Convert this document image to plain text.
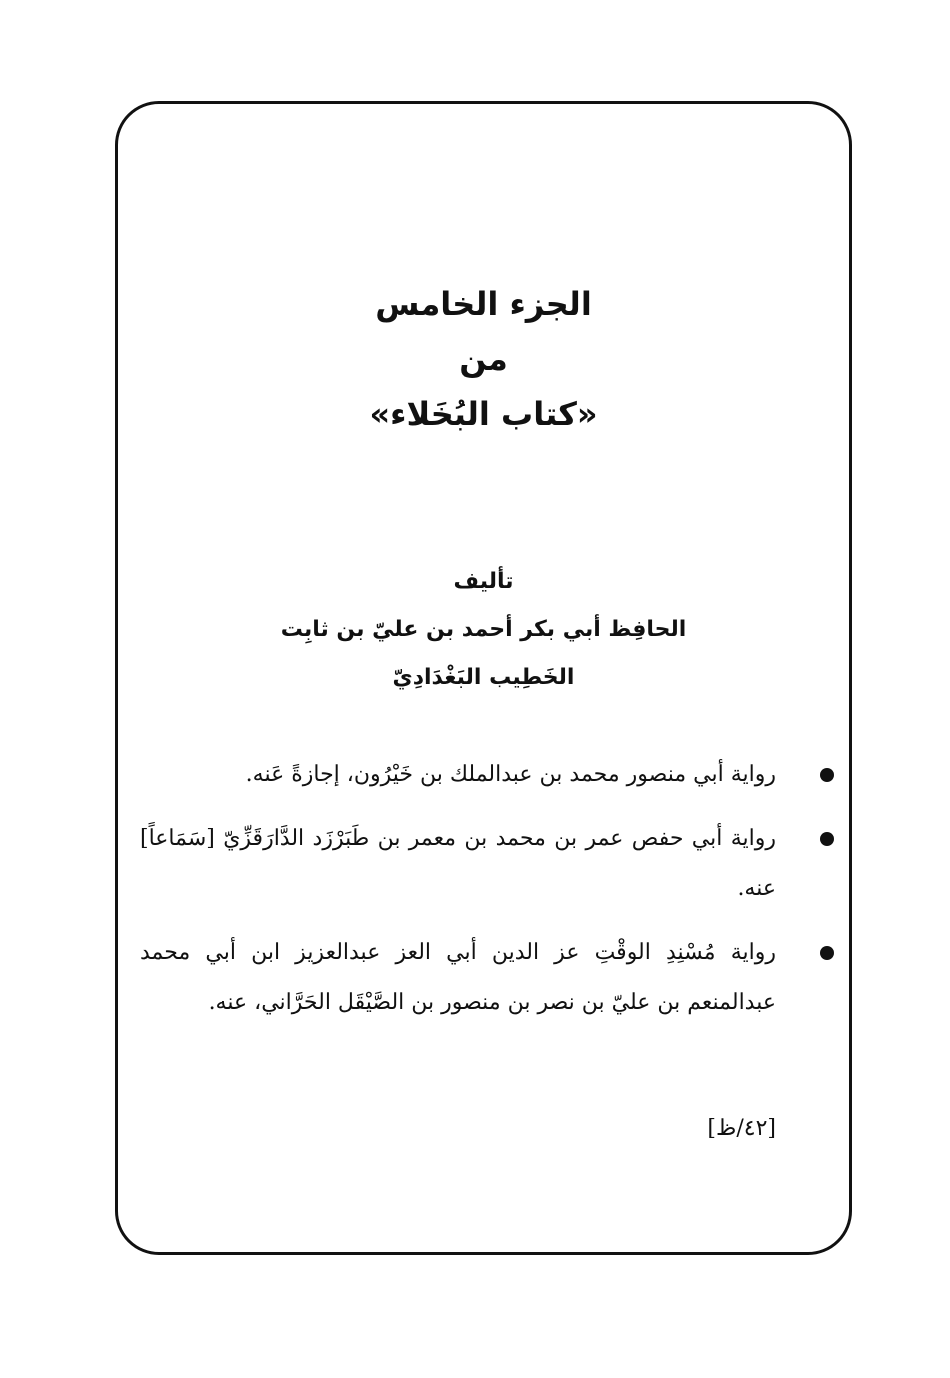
الجزء الخامس
من
«كتاب البُخَلاء»
تأليف
الحافِظ أبي بكر أحمد بن عليّ بن ثابِت
الخَطِيب البَغْدَادِيّ
رواية أبي منصور محمد بن عبدالملك بن خَيْرُون، إجازةً عَنه.
رواية أبي حفص عمر بن محمد بن معمر بن طَبَرْزَد الدَّارَقَزِّيّ [سَمَاعاً] عنه.
رواية مُسْنِدِ الوقْتِ عز الدين أبي العز عبدالعزيز ابن أبي محمد عبدالمنعم بن عليّ بن نصر بن منصور بن الصَّيْقَل الحَرَّاني، عنه.
[٤٢/ظ]
